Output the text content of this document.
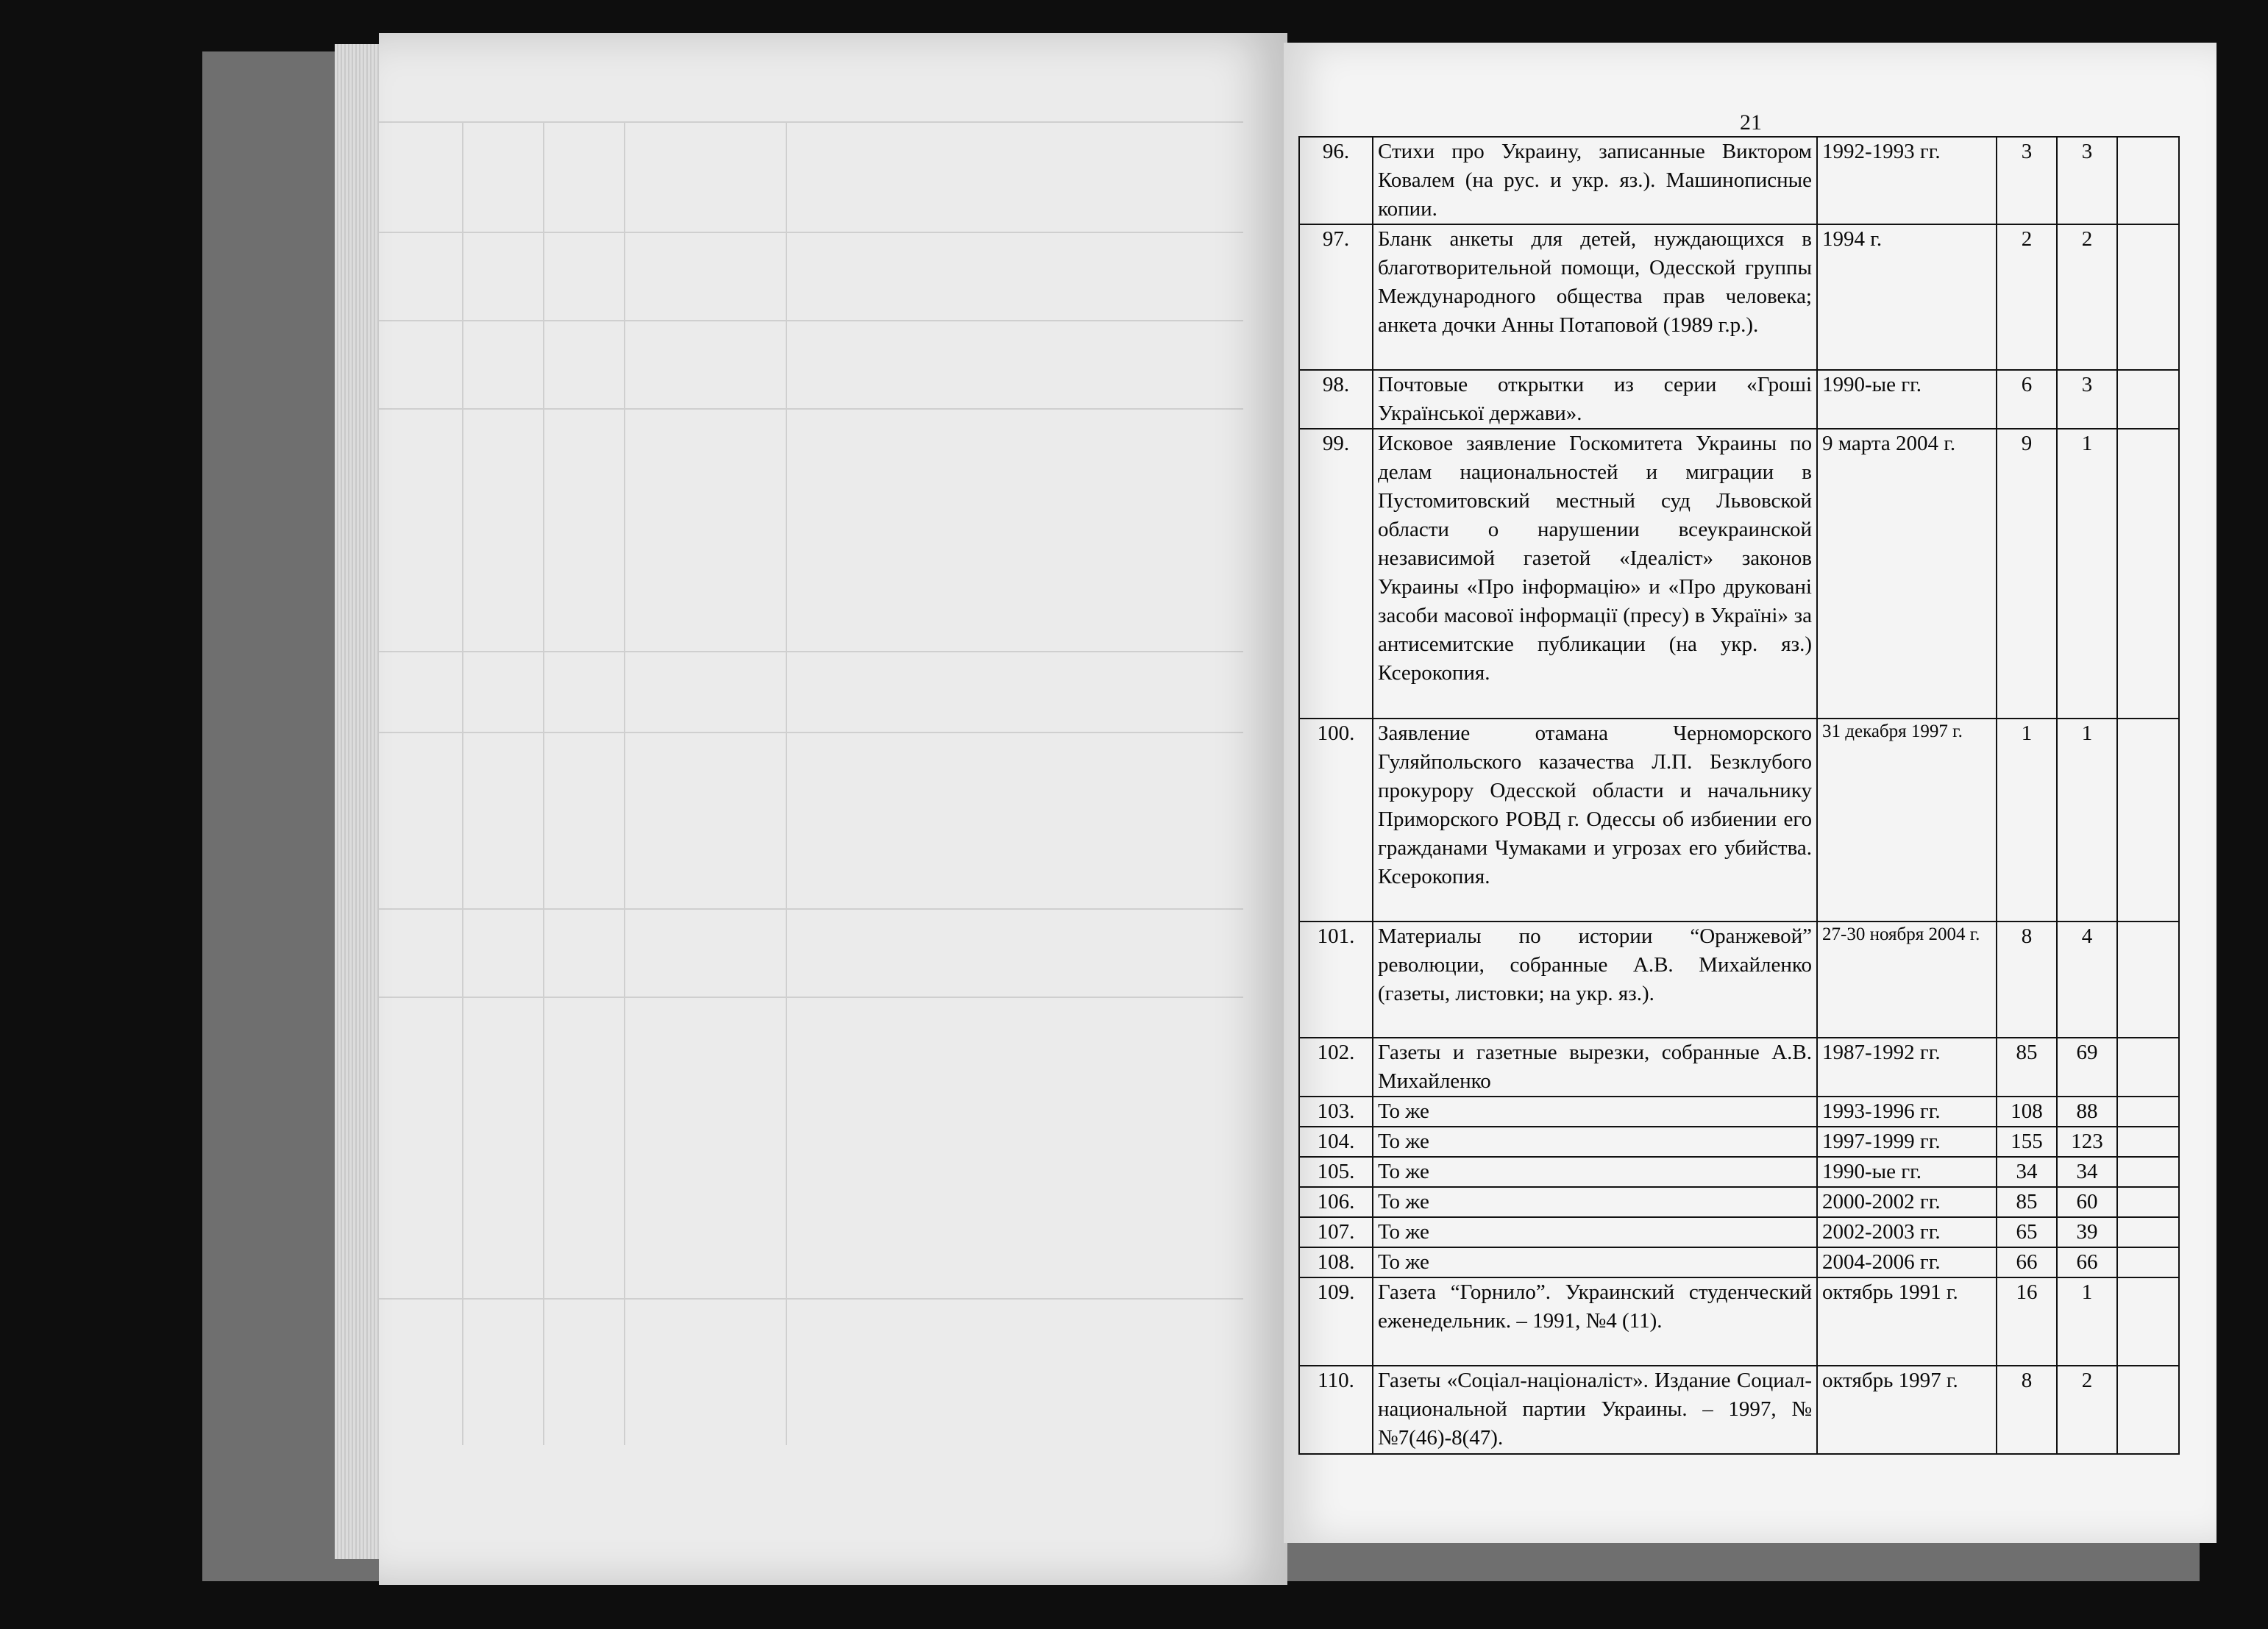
21
96.	Стихи про Украину, записанные Виктором Ковалем (на рус. и укр. яз.). Машинописные копии.	1992-1993 гг.	3	3	
97.	Бланк анкеты для детей, нуждающихся в благотворительной помощи, Одесской группы Международного общества прав человека; анкета дочки Анны Потаповой (1989 г.р.).	1994 г.	2	2	
98.	Почтовые открытки из серии «Гроші Української держави».	1990-ые гг.	6	3	
99.	Исковое заявление Госкомитета Украины по делам национальностей и миграции в Пустомитовский местный суд Львовской области о нарушении всеукраинской независимой газетой «Ідеаліст» законов Украины «Про інформацію» и «Про друковані засоби масової інформації (пресу) в Україні» за антисемитские публикации (на укр. яз.) Ксерокопия.	9 марта 2004 г.	9	1	
100.	Заявление отамана Черноморского Гуляйпольского казачества Л.П. Безклубого прокурору Одесской области и начальнику Приморского РОВД г. Одессы об избиении его гражданами Чумаками и угрозах его убийства. Ксерокопия.	31 декабря 1997 г.	1	1	
101.	Материалы по истории “Оранжевой” революции, собранные А.В. Михайленко (газеты, листовки; на укр. яз.).	27-30 ноября 2004 г.	8	4	
102.	Газеты и газетные вырезки, собранные А.В. Михайленко	1987-1992 гг.	85	69	
103.	То же	1993-1996 гг.	108	88	
104.	То же	1997-1999 гг.	155	123	
105.	То же	1990-ые гг.	34	34	
106.	То же	2000-2002 гг.	85	60	
107.	То же	2002-2003 гг.	65	39	
108.	То же	2004-2006 гг.	66	66	
109.	Газета “Горнило”. Украинский студенческий еженедельник. – 1991, №4 (11).	октябрь 1991 г.	16	1	
110.	Газеты «Соціал-націоналіст». Издание Социал-национальной партии Украины. – 1997, №№7(46)-8(47).	октябрь 1997 г.	8	2	
